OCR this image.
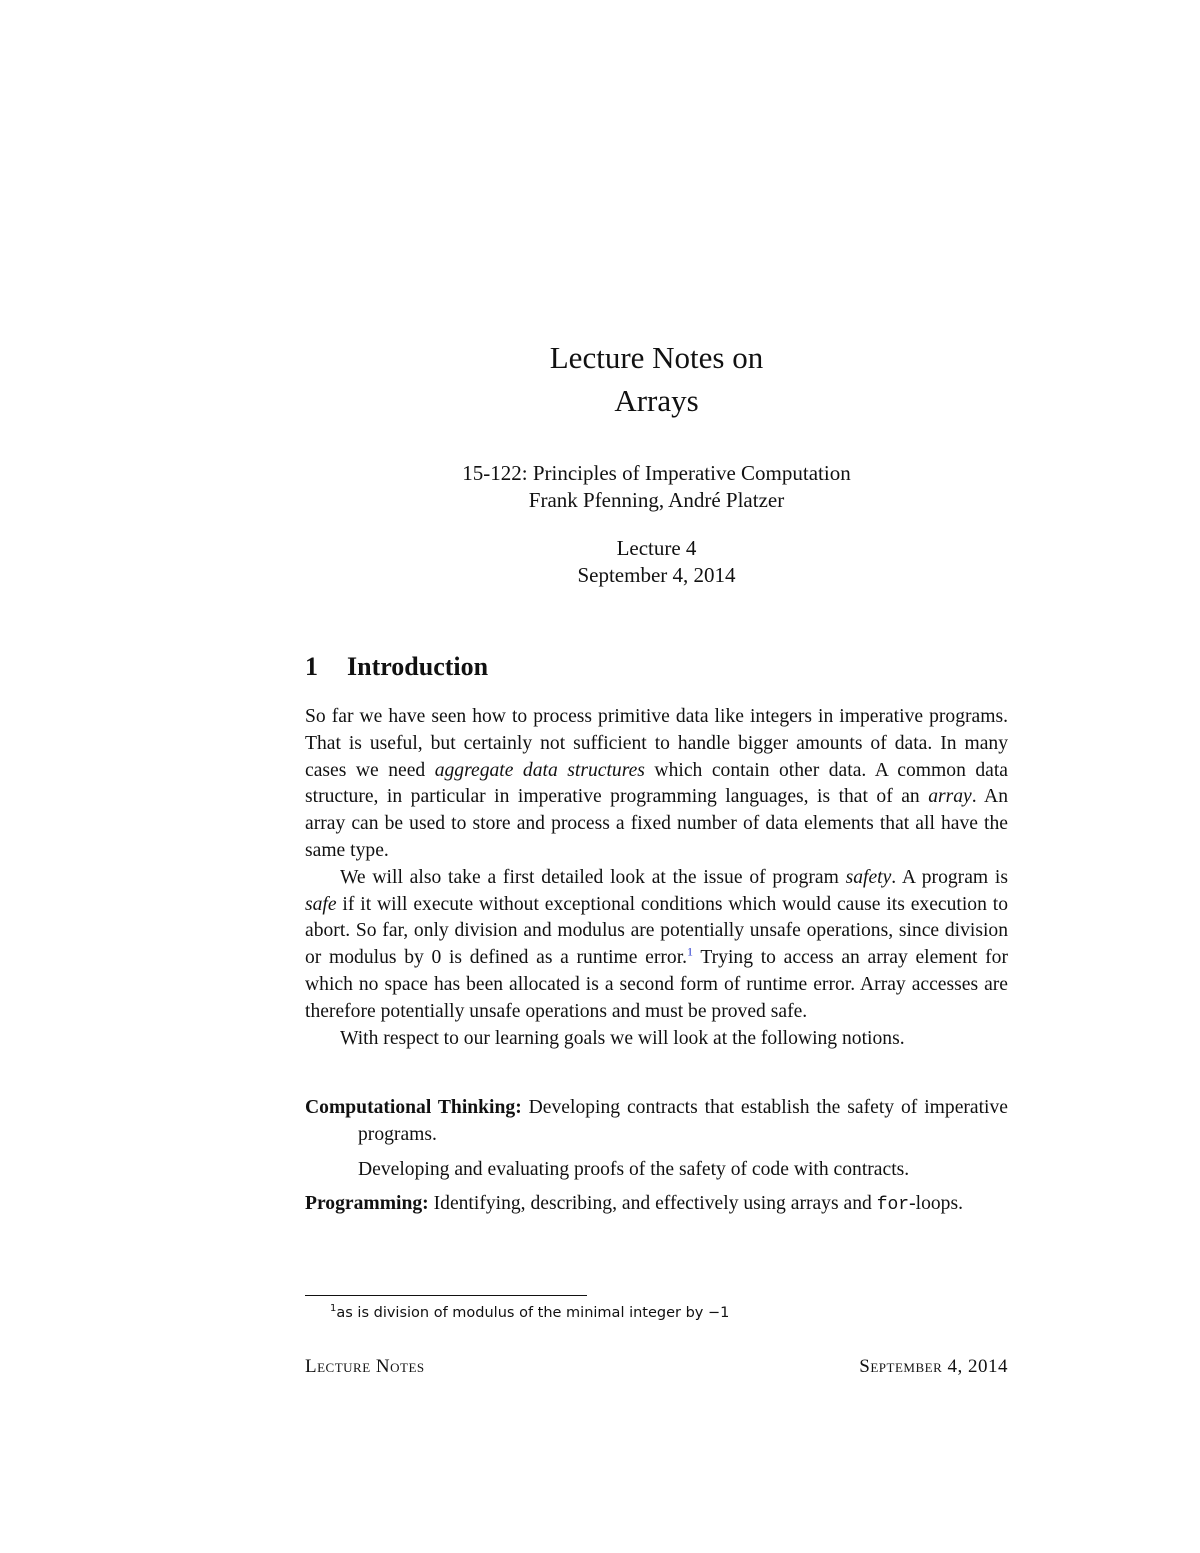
Lecture Notes on
Arrays
15-122: Principles of Imperative Computation
Frank Pfenning, André Platzer
Lecture 4
September 4, 2014
1 Introduction

So far we have seen how to process primitive data like integers in imperative programs. That is useful, but certainly not sufficient to handle bigger amounts of data. In many cases we need aggregate data structures which contain other data. A common data structure, in particular in imperative programming languages, is that of an array. An array can be used to store and process a fixed number of data elements that all have the same type.

We will also take a first detailed look at the issue of program safety. A program is safe if it will execute without exceptional conditions which would cause its execution to abort. So far, only division and modulus are potentially unsafe operations, since division or modulus by 0 is defined as a runtime error.$^1$ Trying to access an array element for which no space has been allocated is a second form of runtime error. Array accesses are therefore potentially unsafe operations and must be proved safe.

With respect to our learning goals we will look at the following notions.

Computational Thinking: Developing contracts that establish the safety of imperative programs.

Developing and evaluating proofs of the safety of code with contracts.

Programming: Identifying, describing, and effectively using arrays and for-loops.

$^1$as is division of modulus of the minimal integer by −1
Lecture Notes	September 4, 2014
